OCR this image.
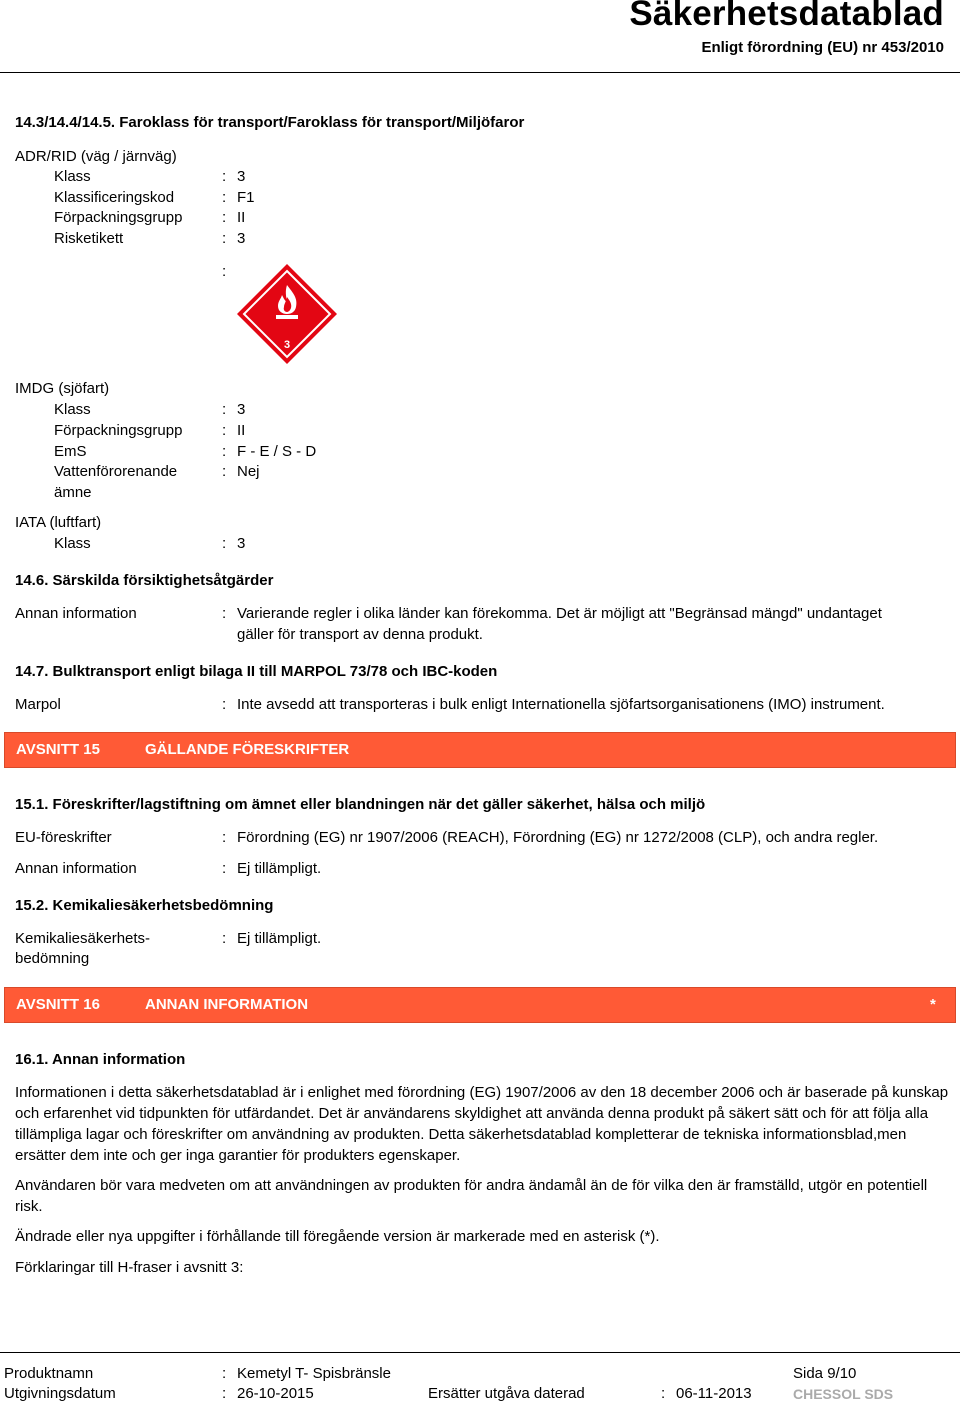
Säkerhetsdatablad
Enligt förordning (EU) nr 453/2010
14.3/14.4/14.5. Faroklass för transport/Faroklass för transport/Miljöfaror
ADR/RID (väg / järnväg)
Klass	: 3
Klassificeringskod	: F1
Förpackningsgrupp	: II
Risketikett	: 3
:
3
IMDG (sjöfart)
Klass	: 3
Förpackningsgrupp	: II
EmS	: F - E / S - D
Vattenförorenande
ämne
: Nej
IATA (luftfart)
Klass	: 3
14.6. Särskilda försiktighetsåtgärder
Annan information	: Varierande regler i olika länder kan förekomma. Det är möjligt att "Begränsad mängd" undantaget
gäller för transport av denna produkt.
14.7. Bulktransport enligt bilaga II till MARPOL 73/78 och IBC-koden
Marpol	: Inte avsedd att transporteras i bulk enligt Internationella sjöfartsorganisationens (IMO) instrument.
AVSNITT 15	GÄLLANDE FÖRESKRIFTER
15.1. Föreskrifter/lagstiftning om ämnet eller blandningen när det gäller säkerhet, hälsa och miljö
EU-föreskrifter	: Förordning (EG) nr 1907/2006 (REACH), Förordning (EG) nr 1272/2008 (CLP), och andra regler.
Annan information	: Ej tillämpligt.
15.2. Kemikaliesäkerhetsbedömning
Kemikaliesäkerhets-
bedömning
: Ej tillämpligt.
AVSNITT 16	ANNAN INFORMATION	*
16.1. Annan information
Informationen i detta säkerhetsdatablad är i enlighet med förordning (EG) 1907/2006 av den 18 december 2006 och är baserade på kunskap och erfarenhet vid tidpunkten för utfärdandet. Det är användarens skyldighet att använda denna produkt på säkert sätt och för att följa alla tillämpliga lagar och föreskrifter om användning av produkten. Detta säkerhetsdatablad kompletterar de tekniska informationsblad,men ersätter dem inte och ger inga garantier för produkters egenskaper.
Användaren bör vara medveten om att användningen av produkten för andra ändamål än de för vilka den är framställd, utgör en potentiell risk.
Ändrade eller nya uppgifter i förhållande till föregående version är markerade med en asterisk (*).
Förklaringar till H-fraser i avsnitt 3:
Produktnamn	: Kemetyl T- Spisbränsle	Sida 9/10
Utgivningsdatum	: 26-10-2015	Ersätter utgåva daterad	: 06-11-2013	CHESSOL SDS
